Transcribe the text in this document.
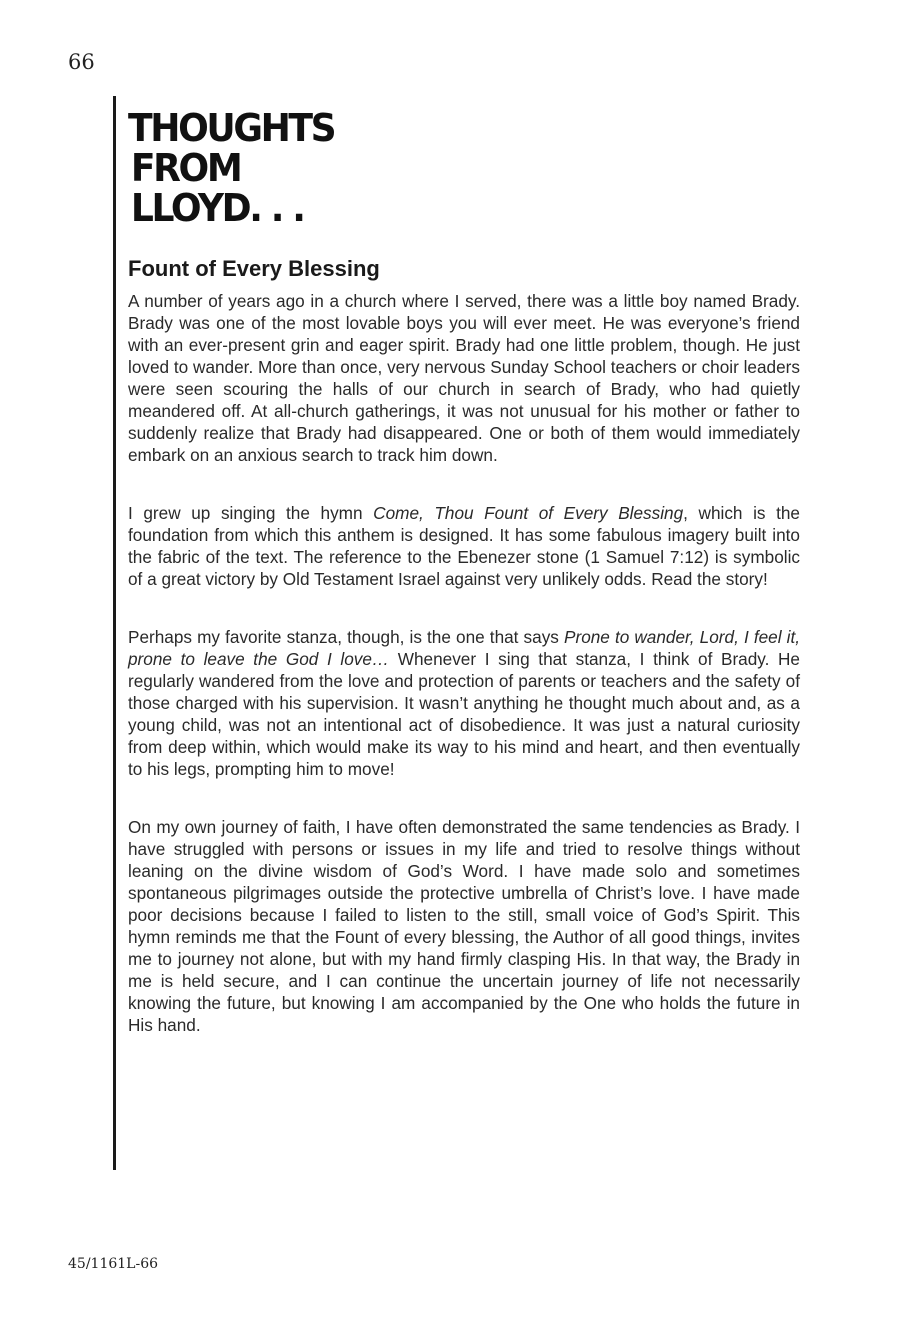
66
THOUGHTS
FROM
LLOYD. . .
Fount of Every Blessing

A number of years ago in a church where I served, there was a little boy named Brady. Brady was one of the most lovable boys you will ever meet. He was everyone’s friend with an ever-present grin and eager spirit. Brady had one little problem, though. He just loved to wander. More than once, very nervous Sunday School teachers or choir leaders were seen scouring the halls of our church in search of Brady, who had quietly meandered off. At all-church gatherings, it was not unusual for his mother or father to suddenly realize that Brady had disappeared. One or both of them would immediately embark on an anxious search to track him down.

I grew up singing the hymn Come, Thou Fount of Every Blessing, which is the foundation from which this anthem is designed. It has some fabulous imagery built into the fabric of the text. The reference to the Ebenezer stone (1 Samuel 7:12) is symbolic of a great victory by Old Testament Israel against very unlikely odds. Read the story!

Perhaps my favorite stanza, though, is the one that says Prone to wander, Lord, I feel it, prone to leave the God I love… Whenever I sing that stanza, I think of Brady. He regularly wandered from the love and protection of parents or teachers and the safety of those charged with his supervision. It wasn’t anything he thought much about and, as a young child, was not an intentional act of disobedience. It was just a natural curiosity from deep within, which would make its way to his mind and heart, and then eventually to his legs, prompting him to move!

On my own journey of faith, I have often demonstrated the same tendencies as Brady. I have struggled with persons or issues in my life and tried to resolve things without leaning on the divine wisdom of God’s Word. I have made solo and sometimes spontaneous pilgrimages outside the protective umbrella of Christ’s love. I have made poor decisions because I failed to listen to the still, small voice of God’s Spirit. This hymn reminds me that the Fount of every blessing, the Author of all good things, invites me to journey not alone, but with my hand firmly clasping His. In that way, the Brady in me is held secure, and I can continue the uncertain journey of life not necessarily knowing the future, but knowing I am accompanied by the One who holds the future in His hand.

45/1161L-66
